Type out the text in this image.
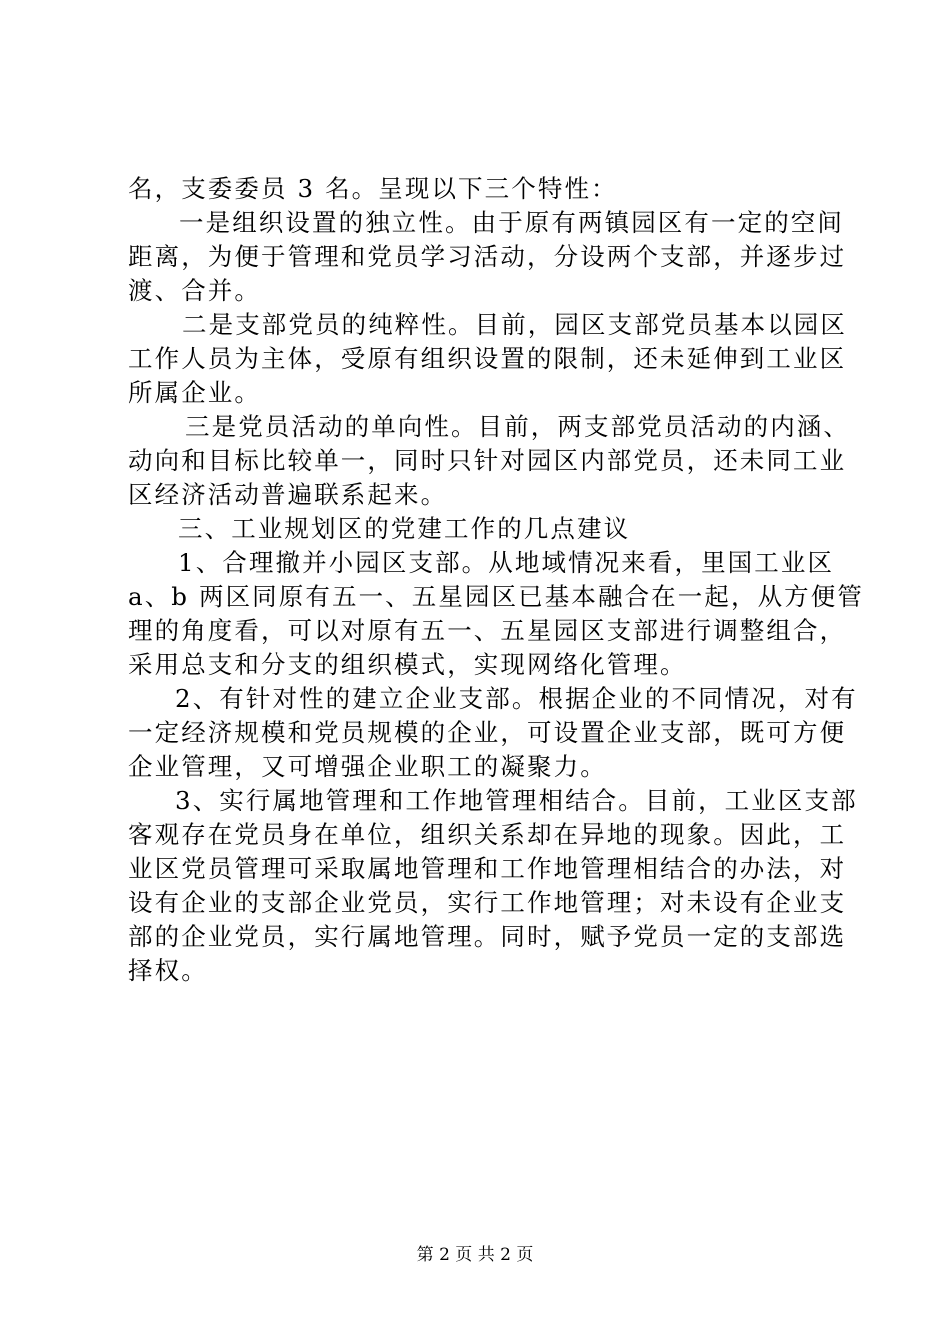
名，支委委员 3 名。呈现以下三个特性：
一是组织设置的独立性。由于原有两镇园区有一定的空间
距离，为便于管理和党员学习活动，分设两个支部，并逐步过
渡、合并。
二是支部党员的纯粹性。目前，园区支部党员基本以园区
工作人员为主体，受原有组织设置的限制，还未延伸到工业区
所属企业。
三是党员活动的单向性。目前，两支部党员活动的内涵、
动向和目标比较单一，同时只针对园区内部党员，还未同工业
区经济活动普遍联系起来。
三、工业规划区的党建工作的几点建议
1、合理撤并小园区支部。从地域情况来看，里国工业区
a、b 两区同原有五一、五星园区已基本融合在一起，从方便管
理的角度看，可以对原有五一、五星园区支部进行调整组合，
采用总支和分支的组织模式，实现网络化管理。
2、有针对性的建立企业支部。根据企业的不同情况，对有
一定经济规模和党员规模的企业，可设置企业支部，既可方便
企业管理，又可增强企业职工的凝聚力。
3、实行属地管理和工作地管理相结合。目前，工业区支部
客观存在党员身在单位，组织关系却在异地的现象。因此，工
业区党员管理可采取属地管理和工作地管理相结合的办法，对
设有企业的支部企业党员，实行工作地管理；对未设有企业支
部的企业党员，实行属地管理。同时，赋予党员一定的支部选
择权。
第 2 页 共 2 页
